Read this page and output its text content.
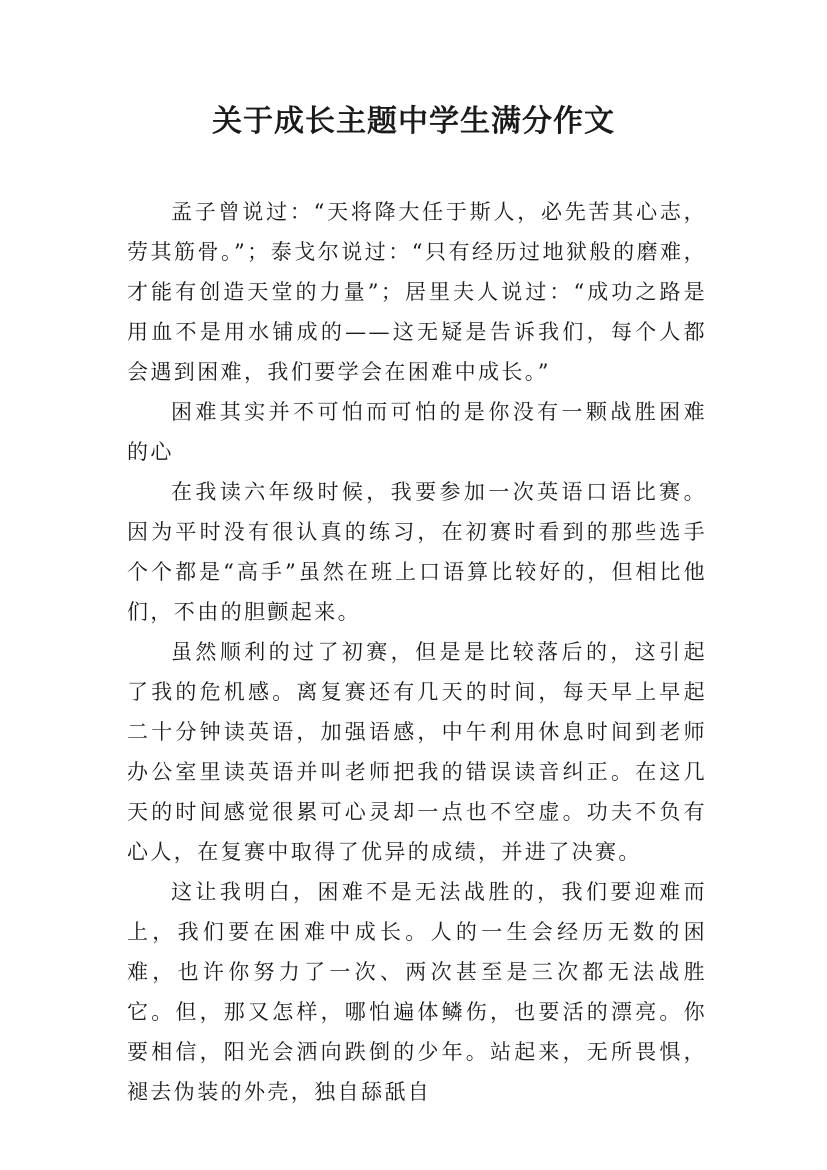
关于成长主题中学生满分作文

孟子曾说过：“天将降大任于斯人，必先苦其心志，劳其筋骨。”；泰戈尔说过：“只有经历过地狱般的磨难，才能有创造天堂的力量”；居里夫人说过：“成功之路是用血不是用水铺成的——这无疑是告诉我们，每个人都会遇到困难，我们要学会在困难中成长。”

困难其实并不可怕而可怕的是你没有一颗战胜困难的心

在我读六年级时候，我要参加一次英语口语比赛。因为平时没有很认真的练习，在初赛时看到的那些选手个个都是“高手”虽然在班上口语算比较好的，但相比他们，不由的胆颤起来。

虽然顺利的过了初赛，但是是比较落后的，这引起了我的危机感。离复赛还有几天的时间，每天早上早起二十分钟读英语，加强语感，中午利用休息时间到老师办公室里读英语并叫老师把我的错误读音纠正。在这几天的时间感觉很累可心灵却一点也不空虚。功夫不负有心人，在复赛中取得了优异的成绩，并进了决赛。

这让我明白，困难不是无法战胜的，我们要迎难而上，我们要在困难中成长。人的一生会经历无数的困难，也许你努力了一次、两次甚至是三次都无法战胜它。但，那又怎样，哪怕遍体鳞伤，也要活的漂亮。你要相信，阳光会洒向跌倒的少年。站起来，无所畏惧，褪去伪装的外壳，独自舔舐自
